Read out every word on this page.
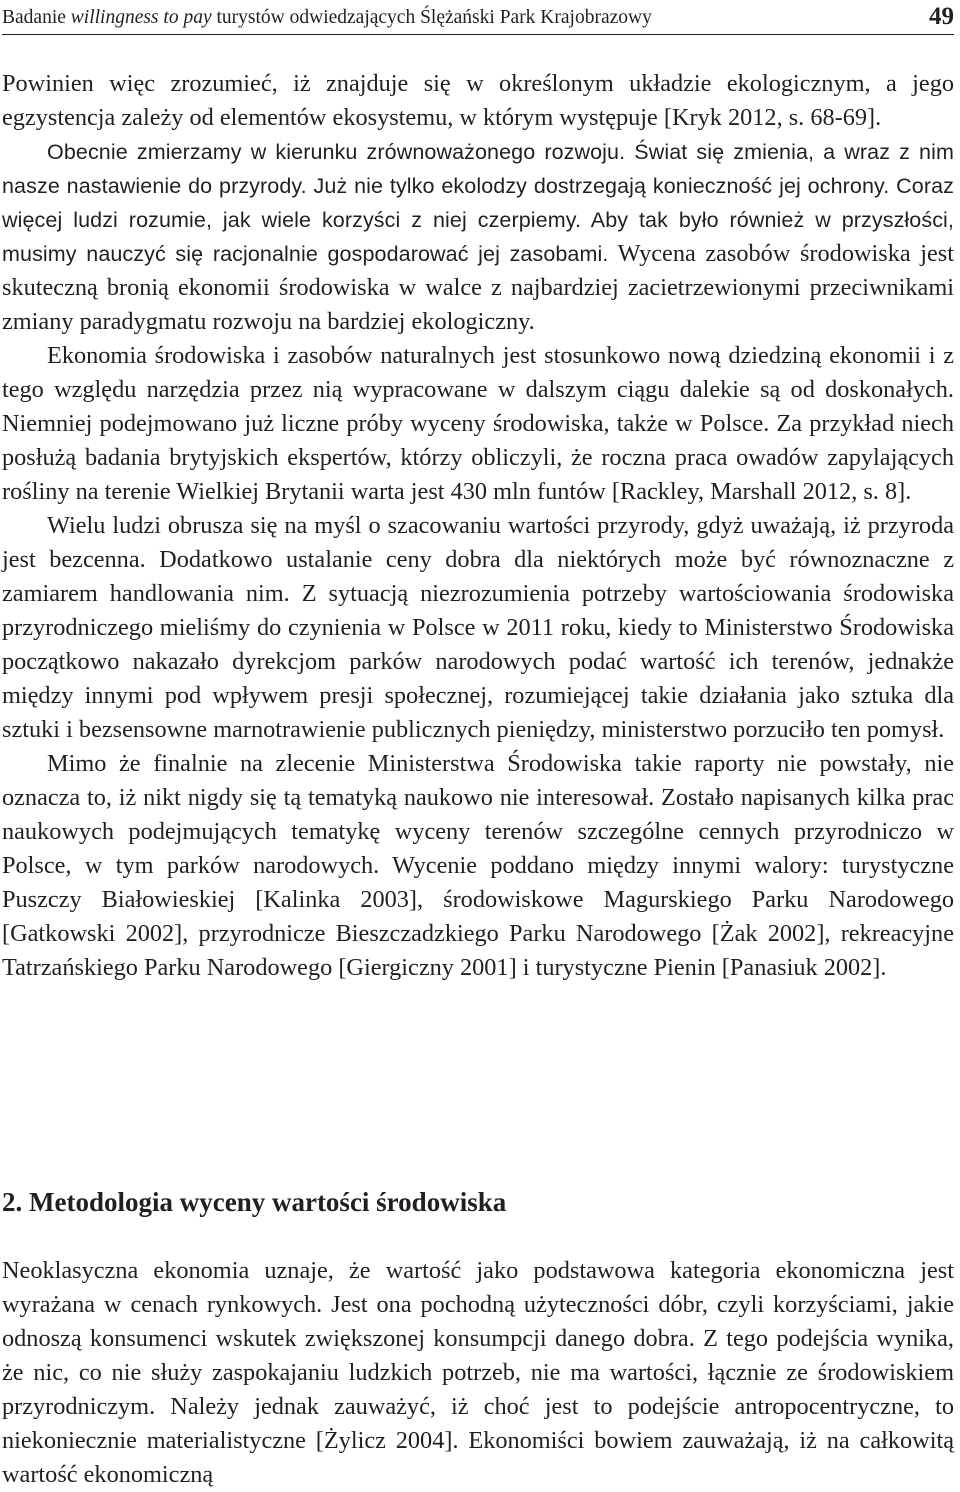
Badanie willingness to pay turystów odwiedzających Ślężański Park Krajobrazowy	49

Powinien więc zrozumieć, iż znajduje się w określonym układzie ekologicznym, a jego egzystencja zależy od elementów ekosystemu, w którym występuje [Kryk 2012, s. 68-69].

Obecnie zmierzamy w kierunku zrównoważonego rozwoju. Świat się zmienia, a wraz z nim nasze nastawienie do przyrody. Już nie tylko ekolodzy dostrzegają konieczność jej ochrony. Coraz więcej ludzi rozumie, jak wiele korzyści z niej czerpiemy. Aby tak było również w przyszłości, musimy nauczyć się racjonalnie gospodarować jej zasobami. Wycena zasobów środowiska jest skuteczną bronią ekonomii środowiska w walce z najbardziej zacietrzewionymi przeciwnikami zmiany paradygmatu rozwoju na bardziej ekologiczny.

Ekonomia środowiska i zasobów naturalnych jest stosunkowo nową dziedziną ekonomii i z tego względu narzędzia przez nią wypracowane w dalszym ciągu dalekie są od doskonałych. Niemniej podejmowano już liczne próby wyceny środowiska, także w Polsce. Za przykład niech posłużą badania brytyjskich ekspertów, którzy obliczyli, że roczna praca owadów zapylających rośliny na terenie Wielkiej Brytanii warta jest 430 mln funtów [Rackley, Marshall 2012, s. 8].

Wielu ludzi obrusza się na myśl o szacowaniu wartości przyrody, gdyż uważają, iż przyroda jest bezcenna. Dodatkowo ustalanie ceny dobra dla niektórych może być równoznaczne z zamiarem handlowania nim. Z sytuacją niezrozumienia potrzeby wartościowania środowiska przyrodniczego mieliśmy do czynienia w Polsce w 2011 roku, kiedy to Ministerstwo Środowiska początkowo nakazało dyrekcjom parków narodowych podać wartość ich terenów, jednakże między innymi pod wpływem presji społecznej, rozumiejącej takie działania jako sztuka dla sztuki i bezsensowne marnotrawienie publicznych pieniędzy, ministerstwo porzuciło ten pomysł.

Mimo że finalnie na zlecenie Ministerstwa Środowiska takie raporty nie powstały, nie oznacza to, iż nikt nigdy się tą tematyką naukowo nie interesował. Zostało napisanych kilka prac naukowych podejmujących tematykę wyceny terenów szczególne cennych przyrodniczo w Polsce, w tym parków narodowych. Wycenie poddano między innymi walory: turystyczne Puszczy Białowieskiej [Kalinka 2003], środowiskowe Magurskiego Parku Narodowego [Gatkowski 2002], przyrodnicze Bieszczadzkiego Parku Narodowego [Żak 2002], rekreacyjne Tatrzańskiego Parku Narodowego [Giergiczny 2001] i turystyczne Pienin [Panasiuk 2002].

2. Metodologia wyceny wartości środowiska

Neoklasyczna ekonomia uznaje, że wartość jako podstawowa kategoria ekonomiczna jest wyrażana w cenach rynkowych. Jest ona pochodną użyteczności dóbr, czyli korzyściami, jakie odnoszą konsumenci wskutek zwiększonej konsumpcji danego dobra. Z tego podejścia wynika, że nic, co nie służy zaspokajaniu ludzkich potrzeb, nie ma wartości, łącznie ze środowiskiem przyrodniczym. Należy jednak zauważyć, iż choć jest to podejście antropocentryczne, to niekoniecznie materialistyczne [Żylicz 2004]. Ekonomiści bowiem zauważają, iż na całkowitą wartość ekonomiczną
